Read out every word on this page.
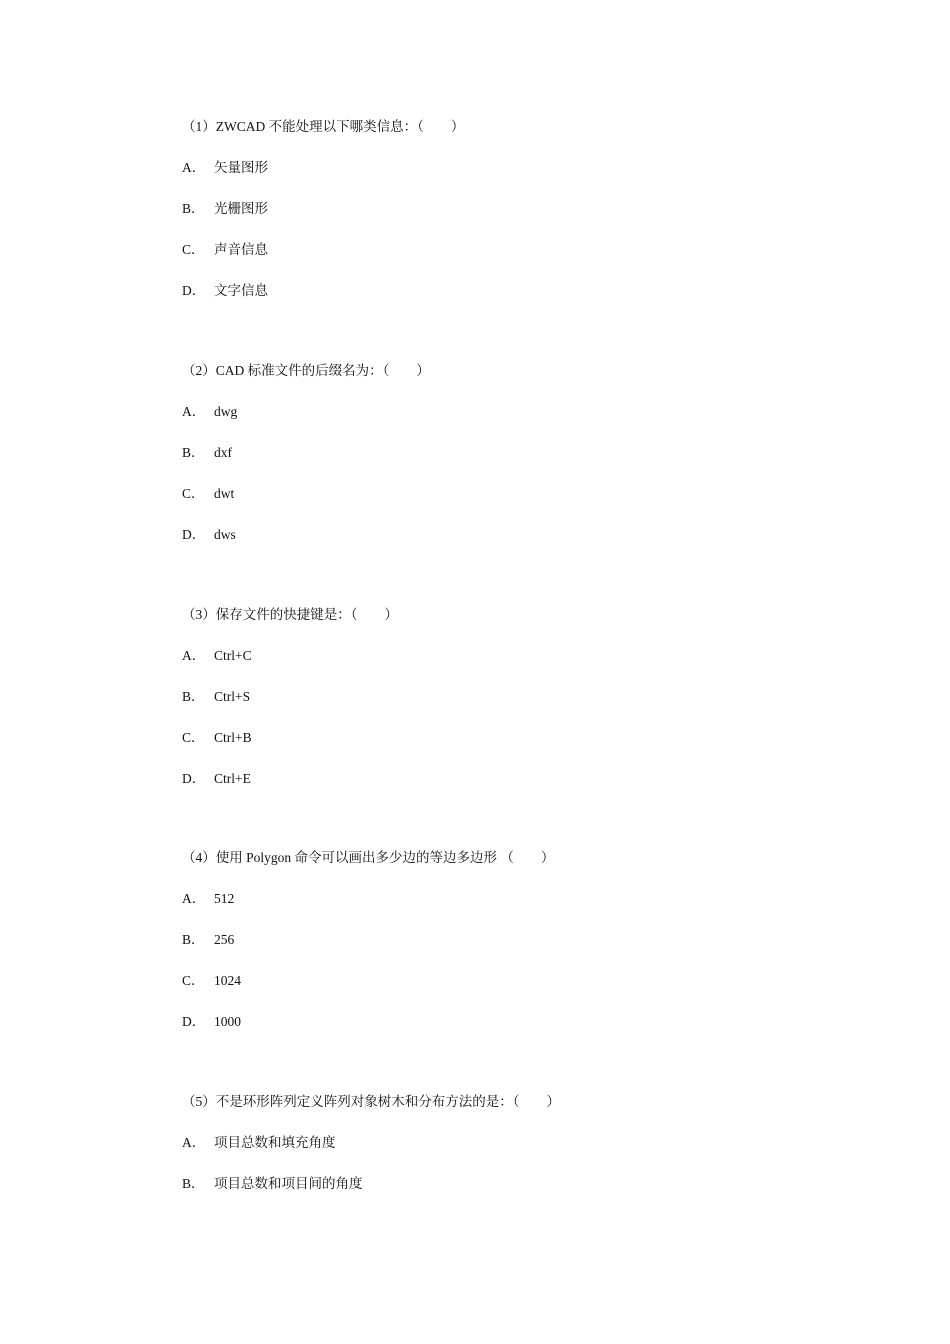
（1）ZWCAD 不能处理以下哪类信息：（　　）

A． 矢量图形
B． 光栅图形
C． 声音信息
D． 文字信息

（2）CAD 标准文件的后缀名为：（　　）

A． dwg
B． dxf
C． dwt
D． dws

（3）保存文件的快捷键是：（　　）

A． Ctrl+C
B． Ctrl+S
C． Ctrl+B
D． Ctrl+E

（4）使用 Polygon 命令可以画出多少边的等边多边形 （　　）

A． 512
B． 256
C． 1024
D． 1000

（5）不是环形阵列定义阵列对象树木和分布方法的是：（　　）

A． 项目总数和填充角度
B． 项目总数和项目间的角度
